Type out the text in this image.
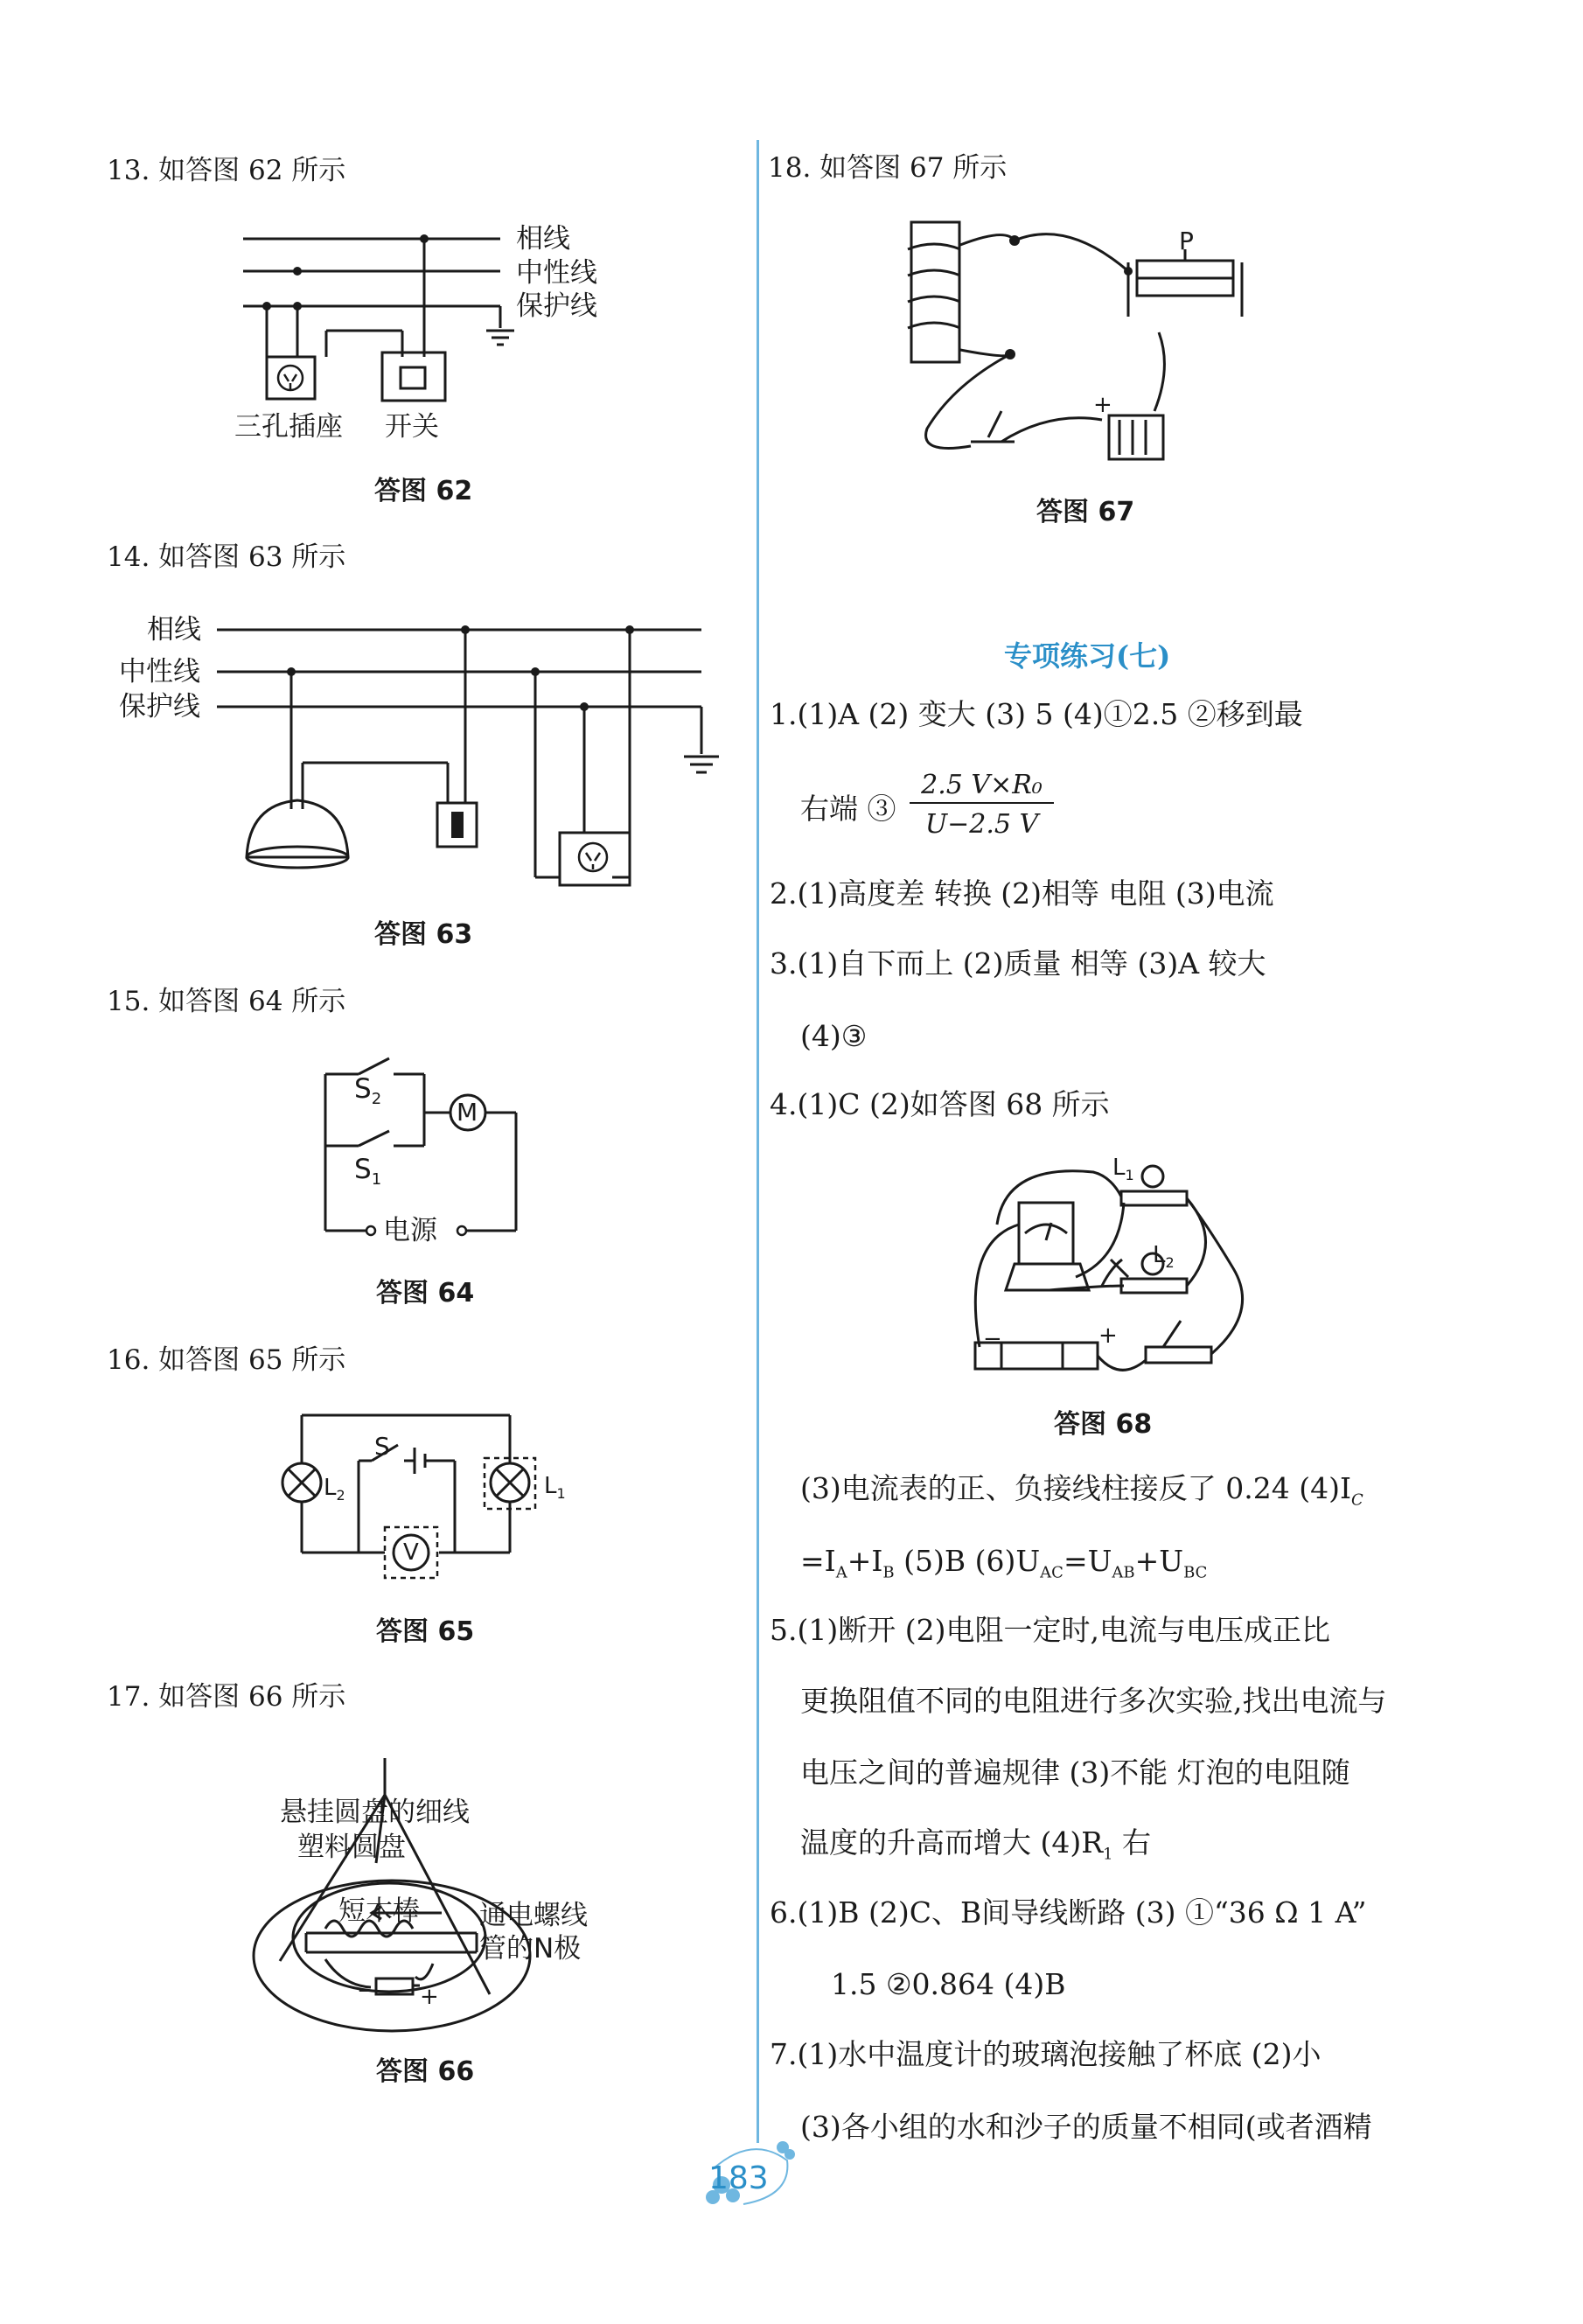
13. 如答图 62 所示
相线
中性线
保护线
三孔插座 开关
答图 62
14. 如答图 63 所示
相线
中性线
保护线
答图 63
15. 如答图 64 所示
$S_2$
$S_1$
M
电源
答图 64
16. 如答图 65 所示
S
$L_2$	$L_1$
V
答图 65
17. 如答图 66 所示
悬挂圆盘的细线
塑料圆盘
短木棒 通电螺线
管的N极
− +
答图 66
18. 如答图 67 所示
P
+
答图 67
专项练习(七)
1.(1)A (2) 变大 (3) 5 (4)①2.5 ②移到最
右端 ③
2.5 V×R₀
U−2.5 V
2.(1)高度差 转换 (2)相等 电阻 (3)电流
3.(1)自下而上 (2)质量 相等 (3)A 较大
(4)③
4.(1)C (2)如答图 68 所示
$L_1$
$L_2$
−	+
答图 68
(3)电流表的正、负接线柱接反了 0.24 $(4)I_C$
$=I_A+I_B$ (5)B $(6)U_{AC}=U_{AB}+U_{BC}$
5.(1)断开 (2)电阻一定时,电流与电压成正比
更换阻值不同的电阻进行多次实验,找出电流与
电压之间的普遍规律 (3)不能 灯泡的电阻随
温度的升高而增大 $(4)R_1$ 右
6.(1)B (2)C、B间导线断路 (3) ①“36 Ω 1 A”
1.5 ②0.864 (4)B
7.(1)水中温度计的玻璃泡接触了杯底 (2)小
(3)各小组的水和沙子的质量不相同(或者酒精
183
